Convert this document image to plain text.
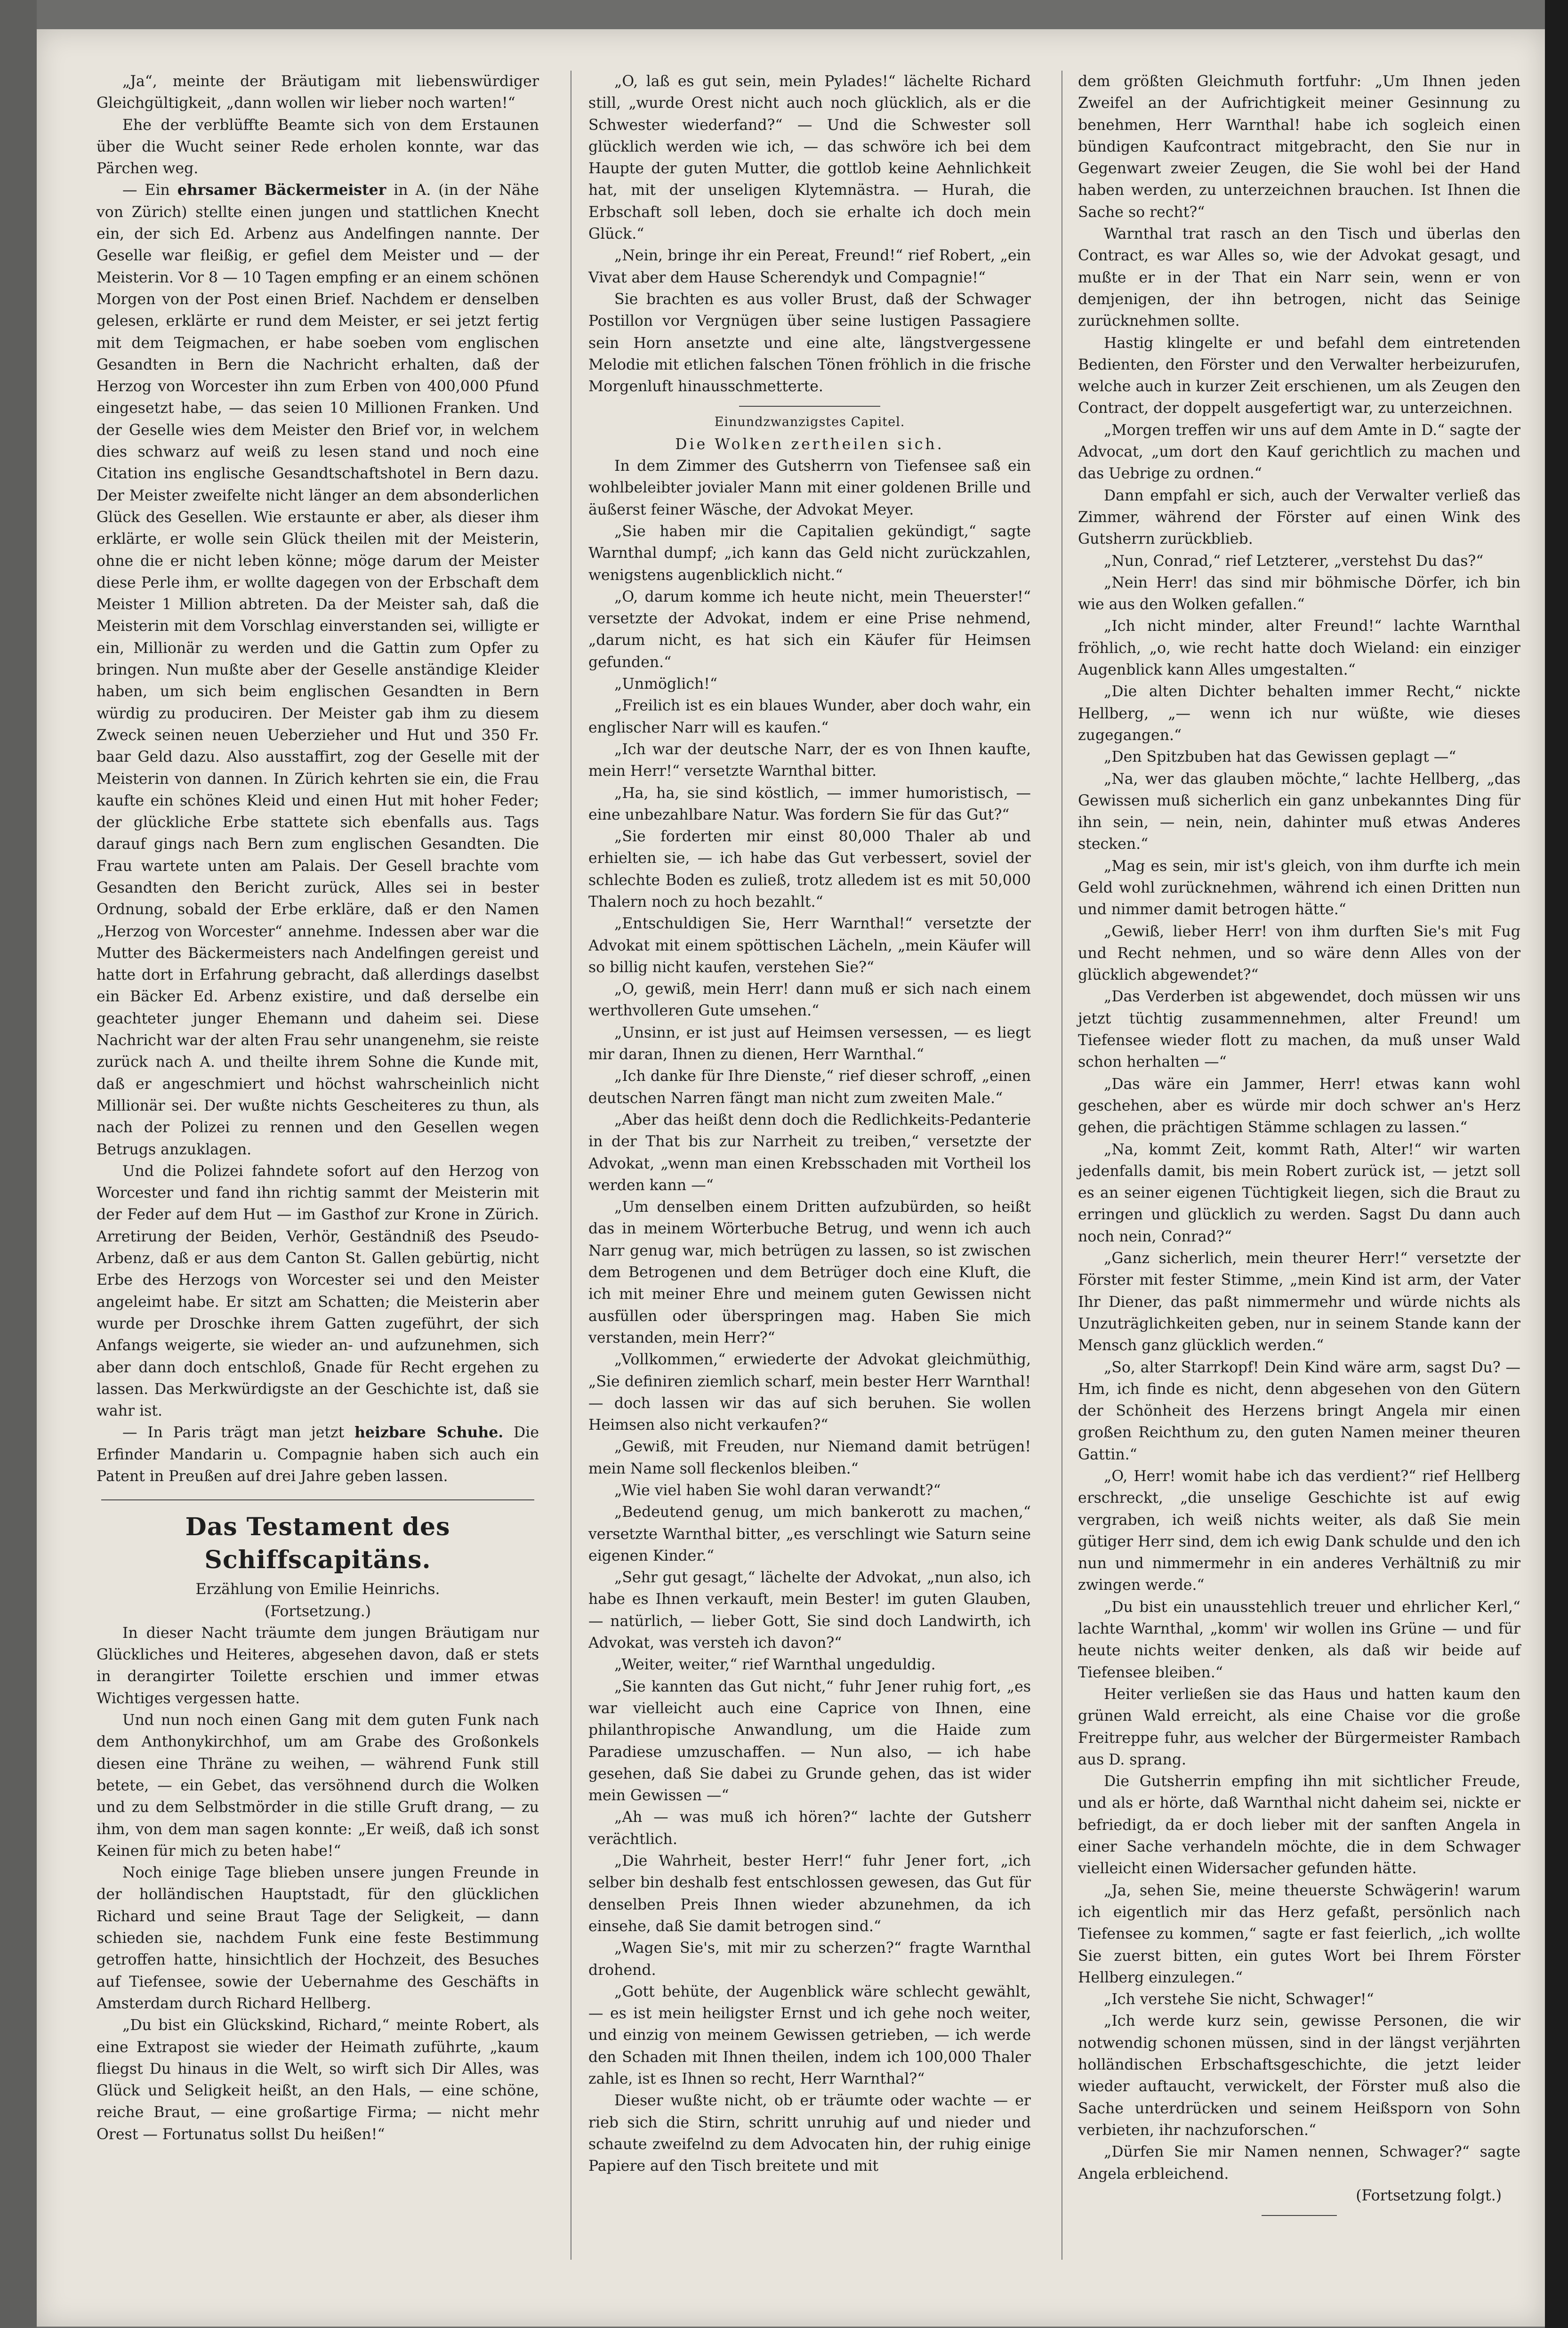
„Ja“, meinte der Bräutigam mit liebenswürdiger Gleichgültigkeit, „dann wollen wir lieber noch warten!“

Ehe der verblüffte Beamte sich von dem Erstaunen über die Wucht seiner Rede erholen konnte, war das Pärchen weg.

— Ein ehrsamer Bäckermeister in A. (in der Nähe von Zürich) stellte einen jungen und stattlichen Knecht ein, der sich Ed. Arbenz aus Andelfingen nannte. Der Geselle war fleißig, er gefiel dem Meister und — der Meisterin. Vor 8 — 10 Tagen empfing er an einem schönen Morgen von der Post einen Brief. Nachdem er denselben gelesen, erklärte er rund dem Meister, er sei jetzt fertig mit dem Teigmachen, er habe soeben vom englischen Gesandten in Bern die Nachricht erhalten, daß der Herzog von Worcester ihn zum Erben von 400,000 Pfund eingesetzt habe, — das seien 10 Millionen Franken. Und der Geselle wies dem Meister den Brief vor, in welchem dies schwarz auf weiß zu lesen stand und noch eine Citation ins englische Gesandtschaftshotel in Bern dazu. Der Meister zweifelte nicht länger an dem absonderlichen Glück des Gesellen. Wie erstaunte er aber, als dieser ihm erklärte, er wolle sein Glück theilen mit der Meisterin, ohne die er nicht leben könne; möge darum der Meister diese Perle ihm, er wollte dagegen von der Erbschaft dem Meister 1 Million abtreten. Da der Meister sah, daß die Meisterin mit dem Vorschlag einverstanden sei, willigte er ein, Millionär zu werden und die Gattin zum Opfer zu bringen. Nun mußte aber der Geselle anständige Kleider haben, um sich beim englischen Gesandten in Bern würdig zu produciren. Der Meister gab ihm zu diesem Zweck seinen neuen Ueberzieher und Hut und 350 Fr. baar Geld dazu. Also ausstaffirt, zog der Geselle mit der Meisterin von dannen. In Zürich kehrten sie ein, die Frau kaufte ein schönes Kleid und einen Hut mit hoher Feder; der glückliche Erbe stattete sich ebenfalls aus. Tags darauf gings nach Bern zum englischen Gesandten. Die Frau wartete unten am Palais. Der Gesell brachte vom Gesandten den Bericht zurück, Alles sei in bester Ordnung, sobald der Erbe erkläre, daß er den Namen „Herzog von Worcester“ annehme. Indessen aber war die Mutter des Bäckermeisters nach Andelfingen gereist und hatte dort in Erfahrung gebracht, daß allerdings daselbst ein Bäcker Ed. Arbenz existire, und daß derselbe ein geachteter junger Ehemann und daheim sei. Diese Nachricht war der alten Frau sehr unangenehm, sie reiste zurück nach A. und theilte ihrem Sohne die Kunde mit, daß er angeschmiert und höchst wahrscheinlich nicht Millionär sei. Der wußte nichts Gescheiteres zu thun, als nach der Polizei zu rennen und den Gesellen wegen Betrugs anzuklagen.

Und die Polizei fahndete sofort auf den Herzog von Worcester und fand ihn richtig sammt der Meisterin mit der Feder auf dem Hut — im Gasthof zur Krone in Zürich. Arretirung der Beiden, Verhör, Geständniß des Pseudo-Arbenz, daß er aus dem Canton St. Gallen gebürtig, nicht Erbe des Herzogs von Worcester sei und den Meister angeleimt habe. Er sitzt am Schatten; die Meisterin aber wurde per Droschke ihrem Gatten zugeführt, der sich Anfangs weigerte, sie wieder an- und aufzunehmen, sich aber dann doch entschloß, Gnade für Recht ergehen zu lassen. Das Merkwürdigste an der Geschichte ist, daß sie wahr ist.

— In Paris trägt man jetzt heizbare Schuhe. Die Erfinder Mandarin u. Compagnie haben sich auch ein Patent in Preußen auf drei Jahre geben lassen.

Das Testament des Schiffscapitäns.

Erzählung von Emilie Heinrichs.

(Fortsetzung.)

In dieser Nacht träumte dem jungen Bräutigam nur Glückliches und Heiteres, abgesehen davon, daß er stets in derangirter Toilette erschien und immer etwas Wichtiges vergessen hatte.

Und nun noch einen Gang mit dem guten Funk nach dem Anthonykirchhof, um am Grabe des Großonkels diesen eine Thräne zu weihen, — während Funk still betete, — ein Gebet, das versöhnend durch die Wolken und zu dem Selbstmörder in die stille Gruft drang, — zu ihm, von dem man sagen konnte: „Er weiß, daß ich sonst Keinen für mich zu beten habe!“

Noch einige Tage blieben unsere jungen Freunde in der holländischen Hauptstadt, für den glücklichen Richard und seine Braut Tage der Seligkeit, — dann schieden sie, nachdem Funk eine feste Bestimmung getroffen hatte, hinsichtlich der Hochzeit, des Besuches auf Tiefensee, sowie der Uebernahme des Geschäfts in Amsterdam durch Richard Hellberg.

„Du bist ein Glückskind, Richard,“ meinte Robert, als eine Extrapost sie wieder der Heimath zuführte, „kaum fliegst Du hinaus in die Welt, so wirft sich Dir Alles, was Glück und Seligkeit heißt, an den Hals, — eine schöne, reiche Braut, — eine großartige Firma; — nicht mehr Orest — Fortunatus sollst Du heißen!“

„O, laß es gut sein, mein Pylades!“ lächelte Richard still, „wurde Orest nicht auch noch glücklich, als er die Schwester wiederfand?“ — Und die Schwester soll glücklich werden wie ich, — das schwöre ich bei dem Haupte der guten Mutter, die gottlob keine Aehnlichkeit hat, mit der unseligen Klytemnästra. — Hurah, die Erbschaft soll leben, doch sie erhalte ich doch mein Glück.“

„Nein, bringe ihr ein Pereat, Freund!“ rief Robert, „ein Vivat aber dem Hause Scherendyk und Compagnie!“

Sie brachten es aus voller Brust, daß der Schwager Postillon vor Vergnügen über seine lustigen Passagiere sein Horn ansetzte und eine alte, längstvergessene Melodie mit etlichen falschen Tönen fröhlich in die frische Morgenluft hinausschmetterte.

Einundzwanzigstes Capitel.

Die Wolken zertheilen sich.

In dem Zimmer des Gutsherrn von Tiefensee saß ein wohlbeleibter jovialer Mann mit einer goldenen Brille und äußerst feiner Wäsche, der Advokat Meyer.

„Sie haben mir die Capitalien gekündigt,“ sagte Warnthal dumpf; „ich kann das Geld nicht zurückzahlen, wenigstens augenblicklich nicht.“

„O, darum komme ich heute nicht, mein Theuerster!“ versetzte der Advokat, indem er eine Prise nehmend, „darum nicht, es hat sich ein Käufer für Heimsen gefunden.“

„Unmöglich!“

„Freilich ist es ein blaues Wunder, aber doch wahr, ein englischer Narr will es kaufen.“

„Ich war der deutsche Narr, der es von Ihnen kaufte, mein Herr!“ versetzte Warnthal bitter.

„Ha, ha, sie sind köstlich, — immer humoristisch, — eine unbezahlbare Natur. Was fordern Sie für das Gut?“

„Sie forderten mir einst 80,000 Thaler ab und erhielten sie, — ich habe das Gut verbessert, soviel der schlechte Boden es zuließ, trotz alledem ist es mit 50,000 Thalern noch zu hoch bezahlt.“

„Entschuldigen Sie, Herr Warnthal!“ versetzte der Advokat mit einem spöttischen Lächeln, „mein Käufer will so billig nicht kaufen, verstehen Sie?“

„O, gewiß, mein Herr! dann muß er sich nach einem werthvolleren Gute umsehen.“

„Unsinn, er ist just auf Heimsen versessen, — es liegt mir daran, Ihnen zu dienen, Herr Warnthal.“

„Ich danke für Ihre Dienste,“ rief dieser schroff, „einen deutschen Narren fängt man nicht zum zweiten Male.“

„Aber das heißt denn doch die Redlichkeits-Pedanterie in der That bis zur Narrheit zu treiben,“ versetzte der Advokat, „wenn man einen Krebsschaden mit Vortheil los werden kann —“

„Um denselben einem Dritten aufzubürden, so heißt das in meinem Wörterbuche Betrug, und wenn ich auch Narr genug war, mich betrügen zu lassen, so ist zwischen dem Betrogenen und dem Betrüger doch eine Kluft, die ich mit meiner Ehre und meinem guten Gewissen nicht ausfüllen oder überspringen mag. Haben Sie mich verstanden, mein Herr?“

„Vollkommen,“ erwiederte der Advokat gleichmüthig, „Sie definiren ziemlich scharf, mein bester Herr Warnthal! — doch lassen wir das auf sich beruhen. Sie wollen Heimsen also nicht verkaufen?“

„Gewiß, mit Freuden, nur Niemand damit betrügen! mein Name soll fleckenlos bleiben.“

„Wie viel haben Sie wohl daran verwandt?“

„Bedeutend genug, um mich bankerott zu machen,“ versetzte Warnthal bitter, „es verschlingt wie Saturn seine eigenen Kinder.“

„Sehr gut gesagt,“ lächelte der Advokat, „nun also, ich habe es Ihnen verkauft, mein Bester! im guten Glauben, — natürlich, — lieber Gott, Sie sind doch Landwirth, ich Advokat, was versteh ich davon?“

„Weiter, weiter,“ rief Warnthal ungeduldig.

„Sie kannten das Gut nicht,“ fuhr Jener ruhig fort, „es war vielleicht auch eine Caprice von Ihnen, eine philanthropische Anwandlung, um die Haide zum Paradiese umzuschaffen. — Nun also, — ich habe gesehen, daß Sie dabei zu Grunde gehen, das ist wider mein Gewissen —“

„Ah — was muß ich hören?“ lachte der Gutsherr verächtlich.

„Die Wahrheit, bester Herr!“ fuhr Jener fort, „ich selber bin deshalb fest entschlossen gewesen, das Gut für denselben Preis Ihnen wieder abzunehmen, da ich einsehe, daß Sie damit betrogen sind.“

„Wagen Sie's, mit mir zu scherzen?“ fragte Warnthal drohend.

„Gott behüte, der Augenblick wäre schlecht gewählt, — es ist mein heiligster Ernst und ich gehe noch weiter, und einzig von meinem Gewissen getrieben, — ich werde den Schaden mit Ihnen theilen, indem ich 100,000 Thaler zahle, ist es Ihnen so recht, Herr Warnthal?“

Dieser wußte nicht, ob er träumte oder wachte — er rieb sich die Stirn, schritt unruhig auf und nieder und schaute zweifelnd zu dem Advocaten hin, der ruhig einige Papiere auf den Tisch breitete und mit

dem größten Gleichmuth fortfuhr: „Um Ihnen jeden Zweifel an der Aufrichtigkeit meiner Gesinnung zu benehmen, Herr Warnthal! habe ich sogleich einen bündigen Kaufcontract mitgebracht, den Sie nur in Gegenwart zweier Zeugen, die Sie wohl bei der Hand haben werden, zu unterzeichnen brauchen. Ist Ihnen die Sache so recht?“

Warnthal trat rasch an den Tisch und überlas den Contract, es war Alles so, wie der Advokat gesagt, und mußte er in der That ein Narr sein, wenn er von demjenigen, der ihn betrogen, nicht das Seinige zurücknehmen sollte.

Hastig klingelte er und befahl dem eintretenden Bedienten, den Förster und den Verwalter herbeizurufen, welche auch in kurzer Zeit erschienen, um als Zeugen den Contract, der doppelt ausgefertigt war, zu unterzeichnen.

„Morgen treffen wir uns auf dem Amte in D.“ sagte der Advocat, „um dort den Kauf gerichtlich zu machen und das Uebrige zu ordnen.“

Dann empfahl er sich, auch der Verwalter verließ das Zimmer, während der Förster auf einen Wink des Gutsherrn zurückblieb.

„Nun, Conrad,“ rief Letzterer, „verstehst Du das?“

„Nein Herr! das sind mir böhmische Dörfer, ich bin wie aus den Wolken gefallen.“

„Ich nicht minder, alter Freund!“ lachte Warnthal fröhlich, „o, wie recht hatte doch Wieland: ein einziger Augenblick kann Alles umgestalten.“

„Die alten Dichter behalten immer Recht,“ nickte Hellberg, „— wenn ich nur wüßte, wie dieses zugegangen.“

„Den Spitzbuben hat das Gewissen geplagt —“

„Na, wer das glauben möchte,“ lachte Hellberg, „das Gewissen muß sicherlich ein ganz unbekanntes Ding für ihn sein, — nein, nein, dahinter muß etwas Anderes stecken.“

„Mag es sein, mir ist's gleich, von ihm durfte ich mein Geld wohl zurücknehmen, während ich einen Dritten nun und nimmer damit betrogen hätte.“

„Gewiß, lieber Herr! von ihm durften Sie's mit Fug und Recht nehmen, und so wäre denn Alles von der glücklich abgewendet?“

„Das Verderben ist abgewendet, doch müssen wir uns jetzt tüchtig zusammennehmen, alter Freund! um Tiefensee wieder flott zu machen, da muß unser Wald schon herhalten —“

„Das wäre ein Jammer, Herr! etwas kann wohl geschehen, aber es würde mir doch schwer an's Herz gehen, die prächtigen Stämme schlagen zu lassen.“

„Na, kommt Zeit, kommt Rath, Alter!“ wir warten jedenfalls damit, bis mein Robert zurück ist, — jetzt soll es an seiner eigenen Tüchtigkeit liegen, sich die Braut zu erringen und glücklich zu werden. Sagst Du dann auch noch nein, Conrad?“

„Ganz sicherlich, mein theurer Herr!“ versetzte der Förster mit fester Stimme, „mein Kind ist arm, der Vater Ihr Diener, das paßt nimmermehr und würde nichts als Unzuträglichkeiten geben, nur in seinem Stande kann der Mensch ganz glücklich werden.“

„So, alter Starrkopf! Dein Kind wäre arm, sagst Du? — Hm, ich finde es nicht, denn abgesehen von den Gütern der Schönheit des Herzens bringt Angela mir einen großen Reichthum zu, den guten Namen meiner theuren Gattin.“

„O, Herr! womit habe ich das verdient?“ rief Hellberg erschreckt, „die unselige Geschichte ist auf ewig vergraben, ich weiß nichts weiter, als daß Sie mein gütiger Herr sind, dem ich ewig Dank schulde und den ich nun und nimmermehr in ein anderes Verhältniß zu mir zwingen werde.“

„Du bist ein unausstehlich treuer und ehrlicher Kerl,“ lachte Warnthal, „komm' wir wollen ins Grüne — und für heute nichts weiter denken, als daß wir beide auf Tiefensee bleiben.“

Heiter verließen sie das Haus und hatten kaum den grünen Wald erreicht, als eine Chaise vor die große Freitreppe fuhr, aus welcher der Bürgermeister Rambach aus D. sprang.

Die Gutsherrin empfing ihn mit sichtlicher Freude, und als er hörte, daß Warnthal nicht daheim sei, nickte er befriedigt, da er doch lieber mit der sanften Angela in einer Sache verhandeln möchte, die in dem Schwager vielleicht einen Widersacher gefunden hätte.

„Ja, sehen Sie, meine theuerste Schwägerin! warum ich eigentlich mir das Herz gefaßt, persönlich nach Tiefensee zu kommen,“ sagte er fast feierlich, „ich wollte Sie zuerst bitten, ein gutes Wort bei Ihrem Förster Hellberg einzulegen.“

„Ich verstehe Sie nicht, Schwager!“

„Ich werde kurz sein, gewisse Personen, die wir notwendig schonen müssen, sind in der längst verjährten holländischen Erbschaftsgeschichte, die jetzt leider wieder auftaucht, verwickelt, der Förster muß also die Sache unterdrücken und seinem Heißsporn von Sohn verbieten, ihr nachzuforschen.“

„Dürfen Sie mir Namen nennen, Schwager?“ sagte Angela erbleichend.

(Fortsetzung folgt.)
